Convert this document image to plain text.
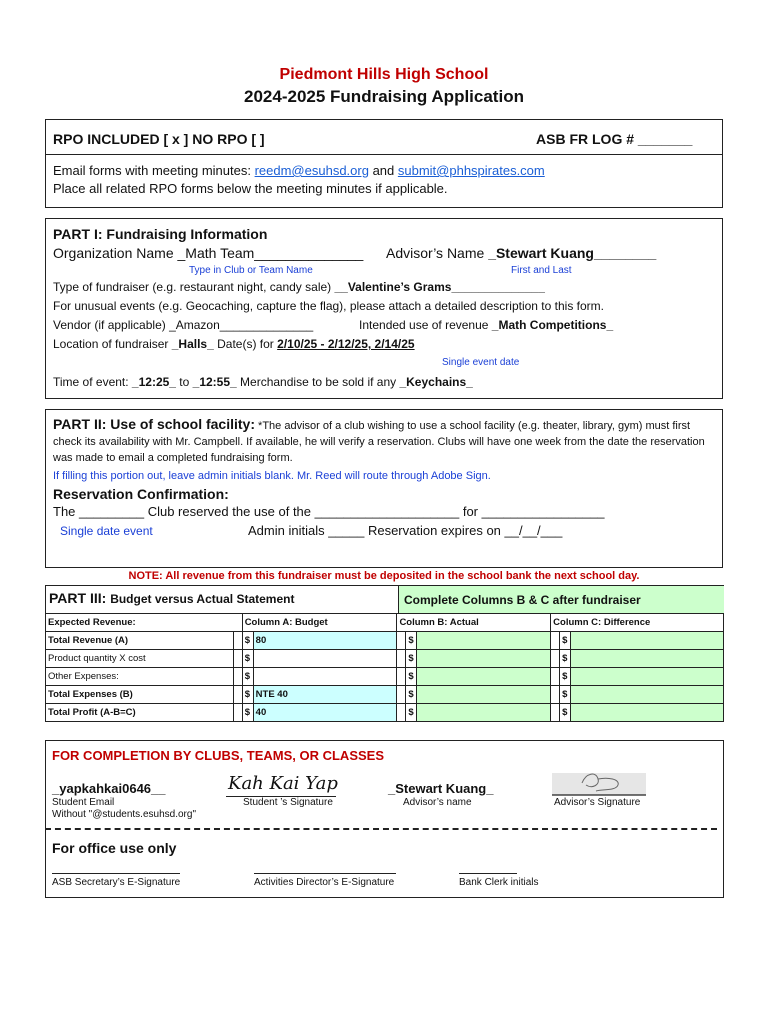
Piedmont Hills High School
2024-2025 Fundraising Application
RPO INCLUDED [ x ] NO RPO [ ]	ASB FR LOG # _______
Email forms with meeting minutes: reedm@esuhsd.org and submit@phhspirates.com
Place all related RPO forms below the meeting minutes if applicable.
PART I: Fundraising Information
Organization Name _Math Team______________ Advisor’s Name _Stewart Kuang________
Type in Club or Team Name	First and Last
Type of fundraiser (e.g. restaurant night, candy sale) __Valentine’s Grams______________
For unusual events (e.g. Geocaching, capture the flag), please attach a detailed description to this form.
Vendor (if applicable) _Amazon______________	Intended use of revenue _Math Competitions_
Location of fundraiser _Halls_ Date(s) for 2/10/25 - 2/12/25, 2/14/25
Single event date
Time of event: _12:25_ to _12:55_ Merchandise to be sold if any _Keychains_
PART II: Use of school facility: *The advisor of a club wishing to use a school facility (e.g. theater, library, gym) must first check its availability with Mr. Campbell. If available, he will verify a reservation. Clubs will have one week from the date the reservation was made to email a completed fundraising form.
If filling this portion out, leave admin initials blank. Mr. Reed will route through Adobe Sign.
Reservation Confirmation:
The _________ Club reserved the use of the ____________________ for _________________
Single date event	Admin initials _____ Reservation expires on __/__/___
NOTE: All revenue from this fundraiser must be deposited in the school bank the next school day.
PART III: Budget versus Actual Statement	Complete Columns B & C after fundraiser
Expected Revenue:		Column A: Budget		Column B: Actual			Column C: Difference		
Total Revenue (A)		$	80		$			$	
Product quantity X cost		$			$			$	
Other Expenses:		$			$			$	
Total Expenses (B)		$	NTE 40		$			$	
Total Profit (A-B=C)		$	40		$			$	
FOR COMPLETION BY CLUBS, TEAMS, OR CLASSES
_yapkahkai0646__
Student Email
Without "@students.esuhsd.org"
Kah Kai Yap
Student ’s Signature
_Stewart Kuang_
Advisor’s name	Advisor’s Signature
For office use only
ASB Secretary’s E-Signature	Activities Director’s E-Signature	Bank Clerk initials
